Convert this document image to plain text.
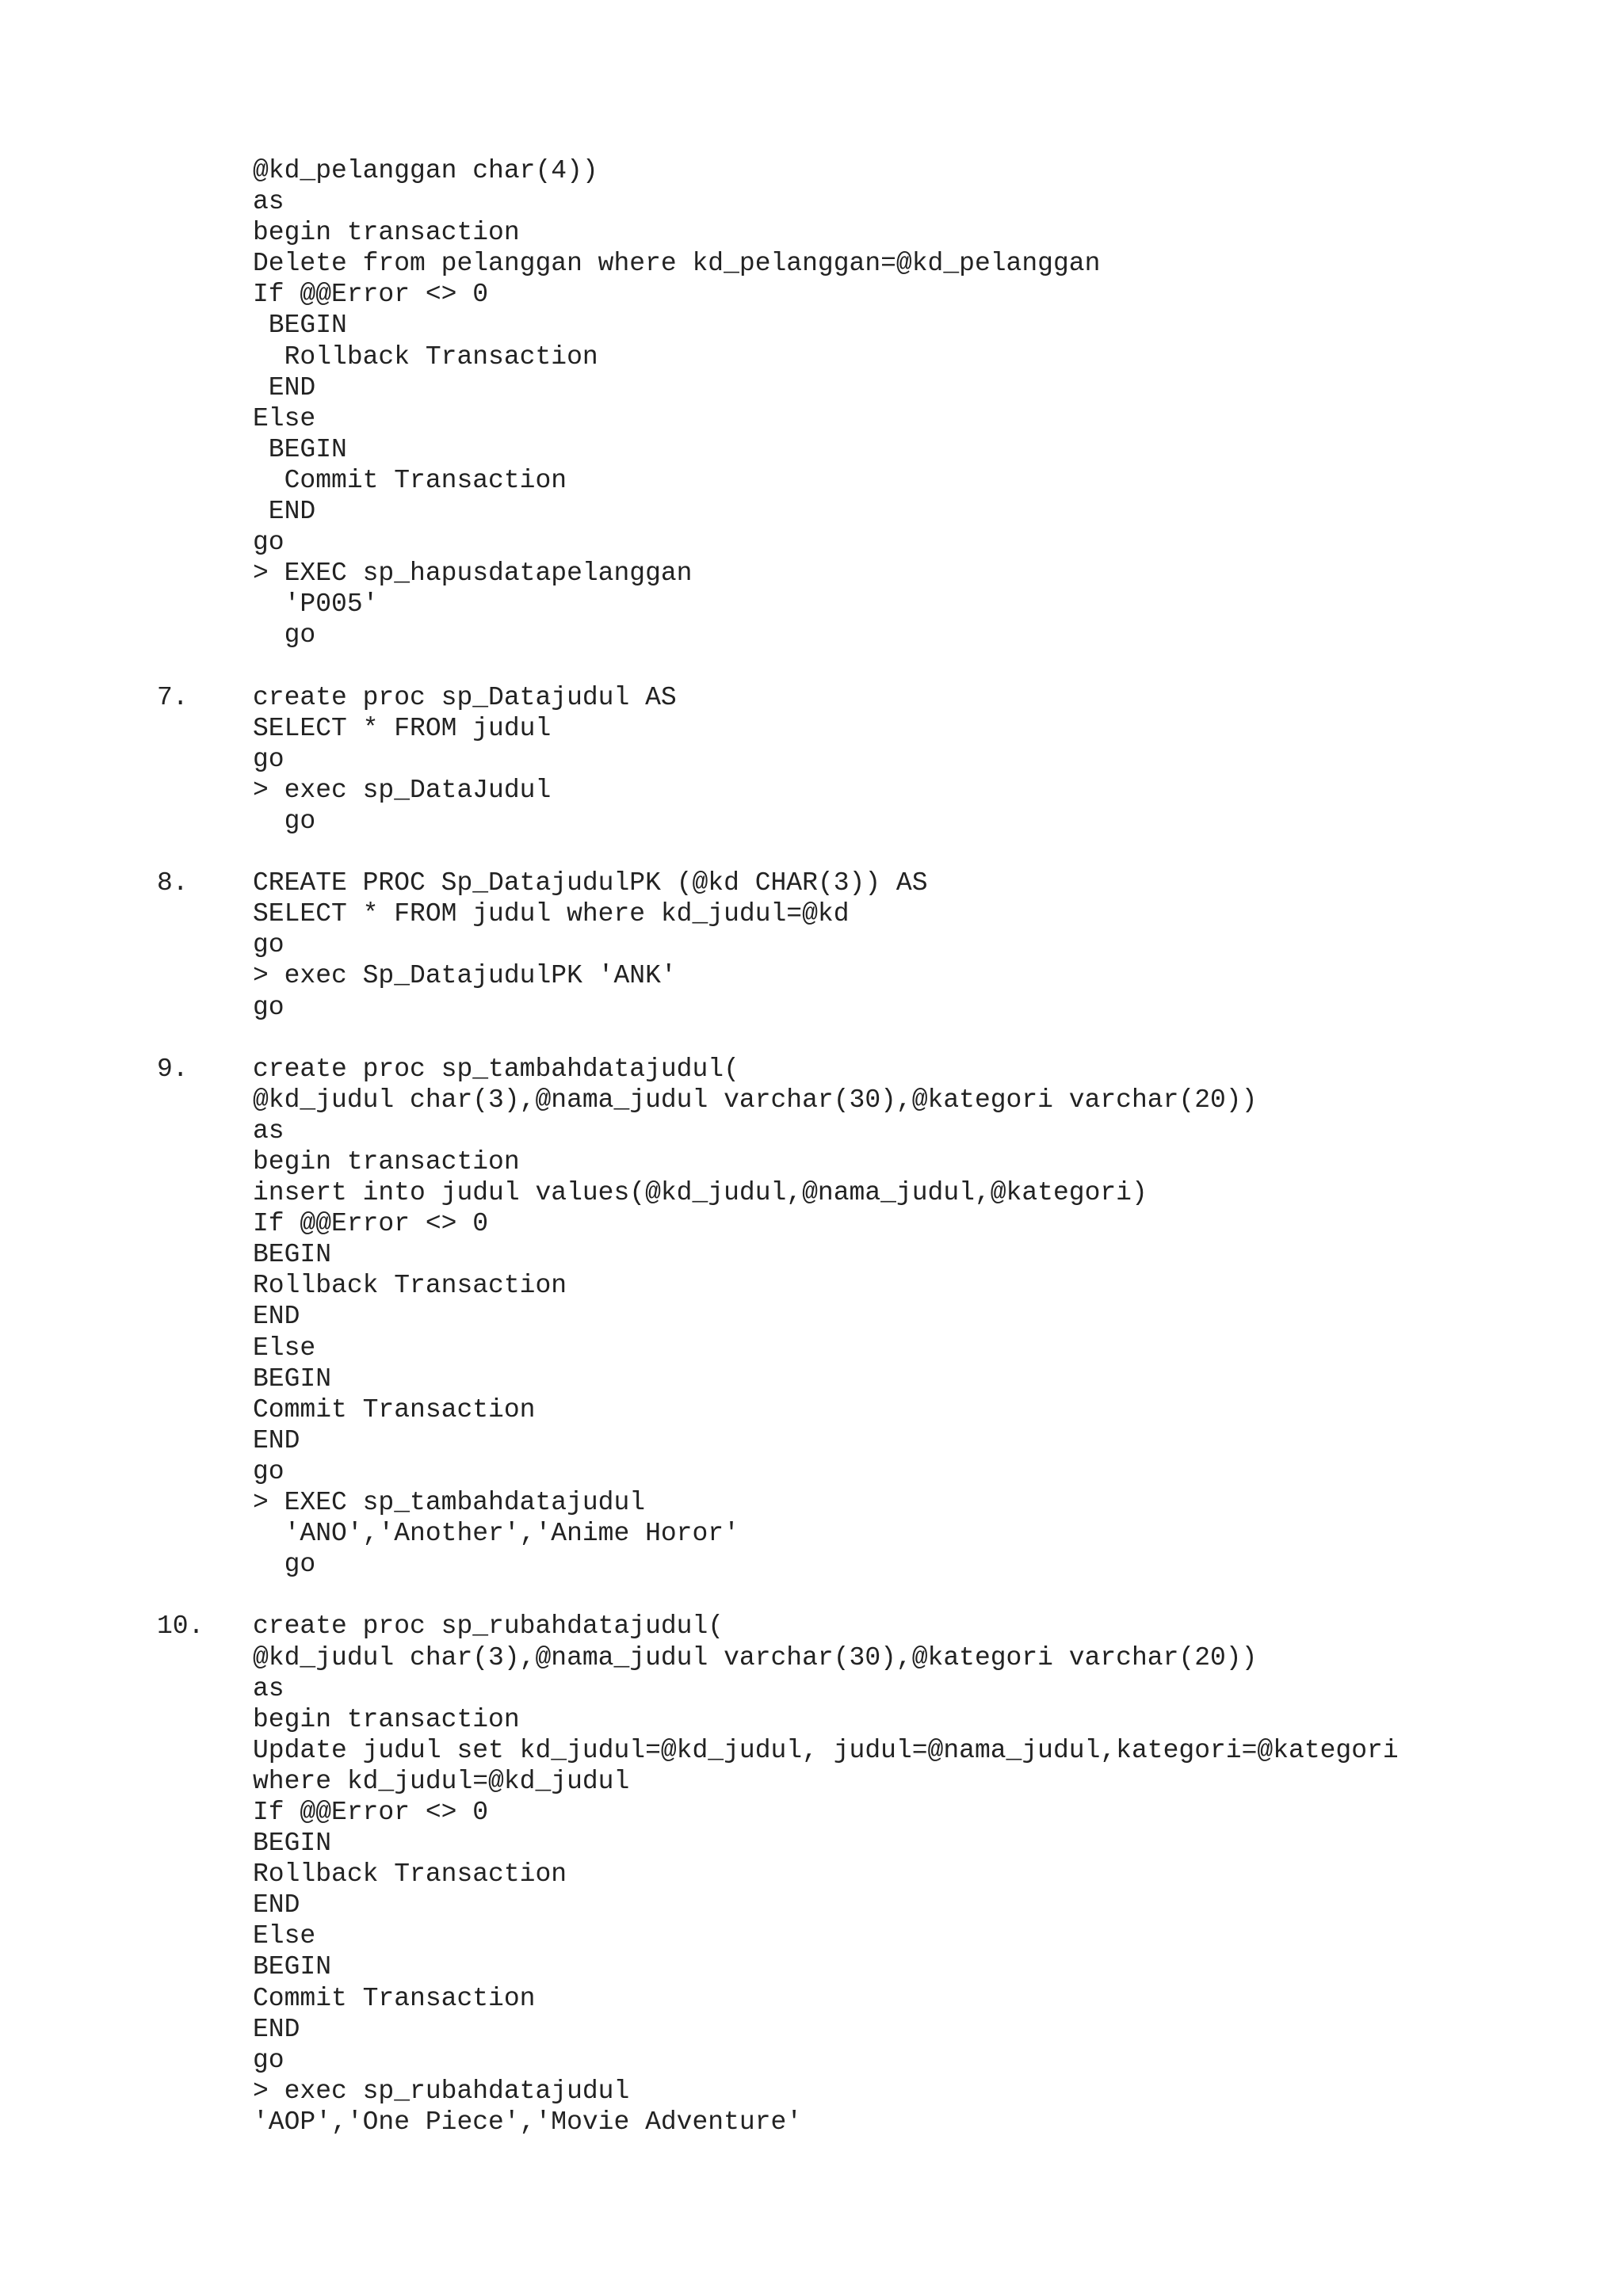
@kd_pelanggan char(4))
as
begin transaction
Delete from pelanggan where kd_pelanggan=@kd_pelanggan
If @@Error <> 0
BEGIN
Rollback Transaction
END
Else
BEGIN
Commit Transaction
END
go
> EXEC sp_hapusdatapelanggan
'P005'
go
7. create proc sp_Datajudul AS
SELECT * FROM judul
go
> exec sp_DataJudul
go
8. CREATE PROC Sp_DatajudulPK (@kd CHAR(3)) AS
SELECT * FROM judul where kd_judul=@kd
go
> exec Sp_DatajudulPK 'ANK'
go
9. create proc sp_tambahdatajudul(
@kd_judul char(3),@nama_judul varchar(30),@kategori varchar(20))
as
begin transaction
insert into judul values(@kd_judul,@nama_judul,@kategori)
If @@Error <> 0
BEGIN
Rollback Transaction
END
Else
BEGIN
Commit Transaction
END
go
> EXEC sp_tambahdatajudul
'ANO','Another','Anime Horor'
go
10. create proc sp_rubahdatajudul(
@kd_judul char(3),@nama_judul varchar(30),@kategori varchar(20))
as
begin transaction
Update judul set kd_judul=@kd_judul, judul=@nama_judul,kategori=@kategori
where kd_judul=@kd_judul
If @@Error <> 0
BEGIN
Rollback Transaction
END
Else
BEGIN
Commit Transaction
END
go
> exec sp_rubahdatajudul
'AOP','One Piece','Movie Adventure'
